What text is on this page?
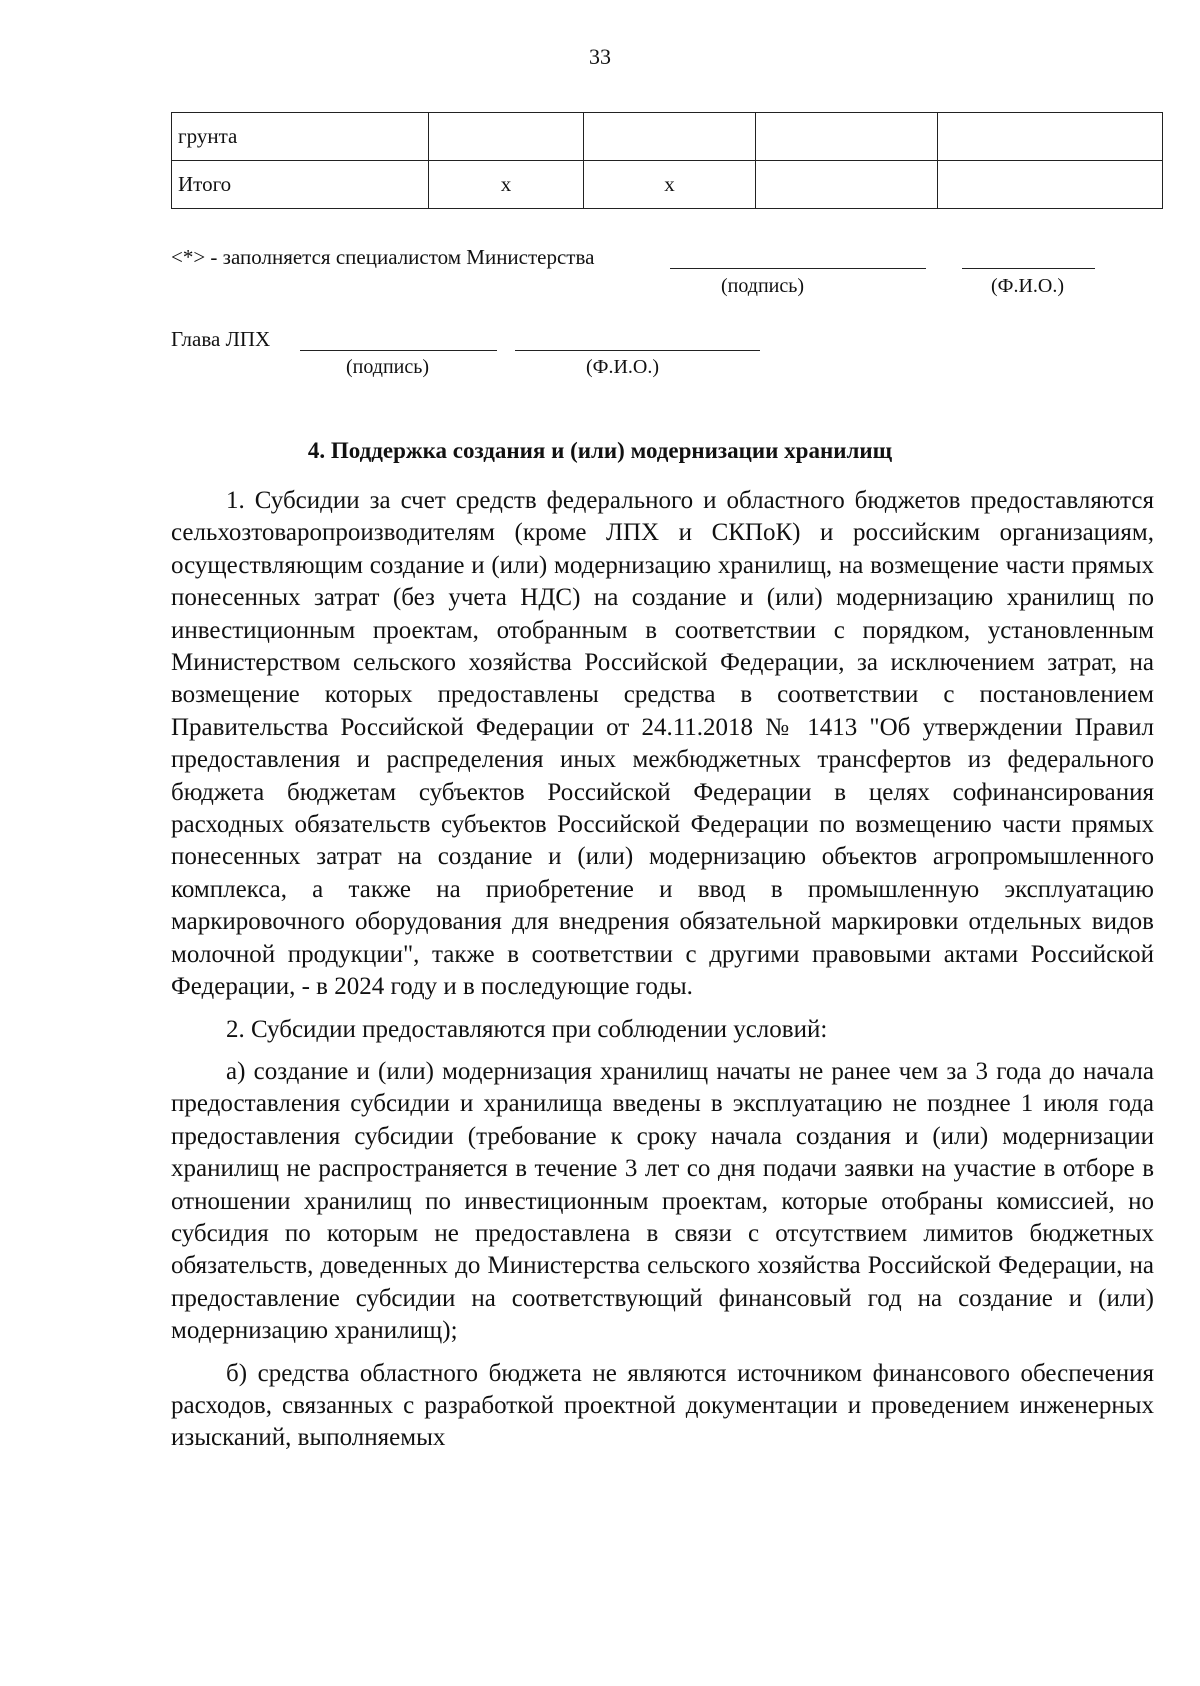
33
грунта				
Итого	х	х		
<*> - заполняется специалистом Министерства
(подпись)	(Ф.И.О.)
Глава ЛПХ
(подпись)	(Ф.И.О.)
4. Поддержка создания и (или) модернизации хранилищ

1. Субсидии за счет средств федерального и областного бюджетов предоставляются сельхозтоваропроизводителям (кроме ЛПХ и СКПоК) и российским организациям, осуществляющим создание и (или) модернизацию хранилищ, на возмещение части прямых понесенных затрат (без учета НДС) на создание и (или) модернизацию хранилищ по инвестиционным проектам, отобранным в соответствии с порядком, установленным Министерством сельского хозяйства Российской Федерации, за исключением затрат, на возмещение которых предоставлены средства в соответствии с постановлением Правительства Российской Федерации от 24.11.2018 № 1413 "Об утверждении Правил предоставления и распределения иных межбюджетных трансфертов из федерального бюджета бюджетам субъектов Российской Федерации в целях софинансирования расходных обязательств субъектов Российской Федерации по возмещению части прямых понесенных затрат на создание и (или) модернизацию объектов агропромышленного комплекса, а также на приобретение и ввод в промышленную эксплуатацию маркировочного оборудования для внедрения обязательной маркировки отдельных видов молочной продукции", также в соответствии с другими правовыми актами Российской Федерации, - в 2024 году и в последующие годы.

2. Субсидии предоставляются при соблюдении условий:

а) создание и (или) модернизация хранилищ начаты не ранее чем за 3 года до начала предоставления субсидии и хранилища введены в эксплуатацию не позднее 1 июля года предоставления субсидии (требование к сроку начала создания и (или) модернизации хранилищ не распространяется в течение 3 лет со дня подачи заявки на участие в отборе в отношении хранилищ по инвестиционным проектам, которые отобраны комиссией, но субсидия по которым не предоставлена в связи с отсутствием лимитов бюджетных обязательств, доведенных до Министерства сельского хозяйства Российской Федерации, на предоставление субсидии на соответствующий финансовый год на создание и (или) модернизацию хранилищ);

б) средства областного бюджета не являются источником финансового обеспечения расходов, связанных с разработкой проектной документации и проведением инженерных изысканий, выполняемых
